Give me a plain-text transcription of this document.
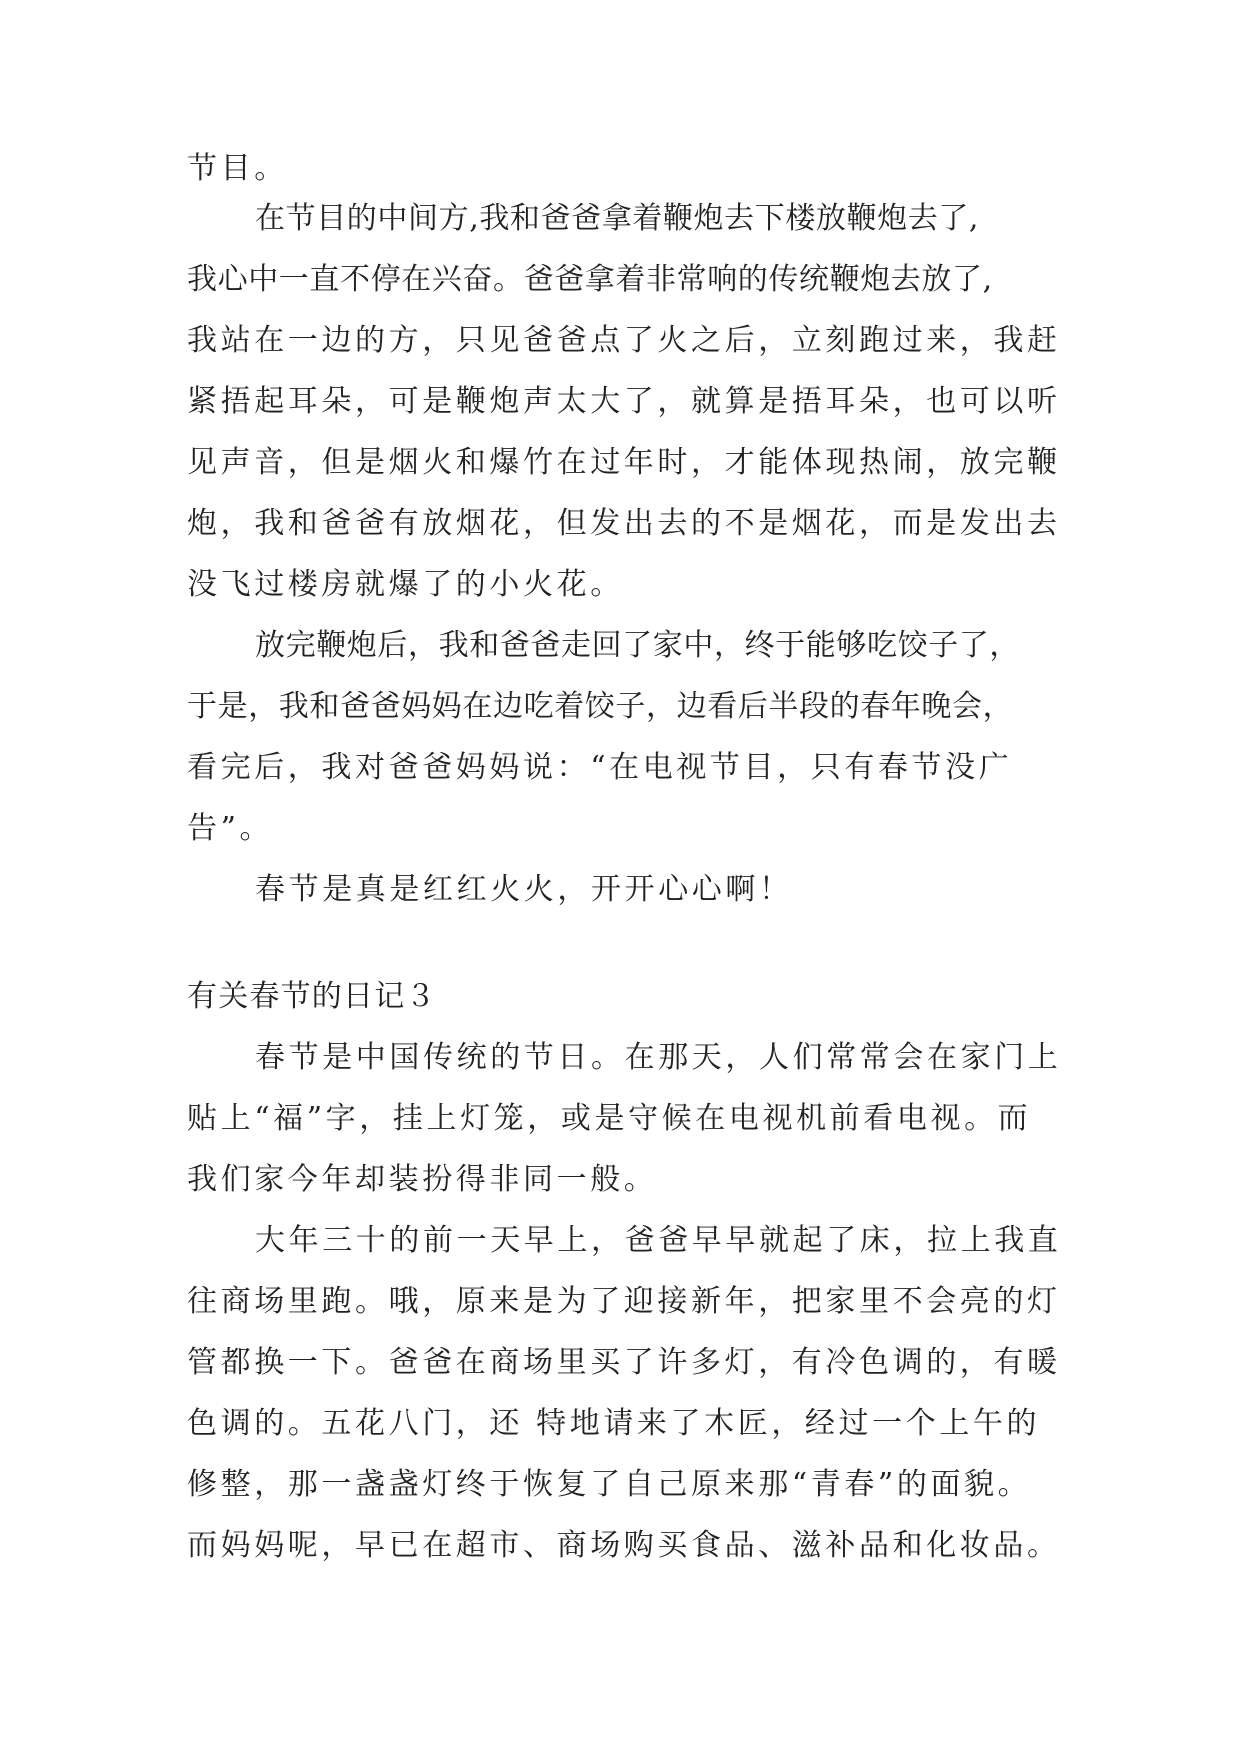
节目。
在节目的中间方,我和爸爸拿着鞭炮去下楼放鞭炮去了,
我心中一直不停在兴奋。爸爸拿着非常响的传统鞭炮去放了,
我站在一边的方，只见爸爸点了火之后，立刻跑过来，我赶
紧捂起耳朵，可是鞭炮声太大了，就算是捂耳朵，也可以听
见声音，但是烟火和爆竹在过年时，才能体现热闹，放完鞭
炮，我和爸爸有放烟花，但发出去的不是烟花，而是发出去
没飞过楼房就爆了的小火花。
放完鞭炮后，我和爸爸走回了家中，终于能够吃饺子了，
于是，我和爸爸妈妈在边吃着饺子，边看后半段的春年晚会，
看完后，我对爸爸妈妈说：“在电视节目，只有春节没广
告”。
春节是真是红红火火，开开心心啊！
有关春节的日记３
春节是中国传统的节日。在那天，人们常常会在家门上
贴上“福”字，挂上灯笼，或是守候在电视机前看电视。而
我们家今年却装扮得非同一般。
大年三十的前一天早上，爸爸早早就起了床，拉上我直
往商场里跑。哦，原来是为了迎接新年，把家里不会亮的灯
管都换一下。爸爸在商场里买了许多灯，有冷色调的，有暖
色调的。五花八门，还 特地请来了木匠，经过一个上午的
修整，那一盏盏灯终于恢复了自己原来那“青春”的面貌。
而妈妈呢，早已在超市、商场购买食品、滋补品和化妆品。
